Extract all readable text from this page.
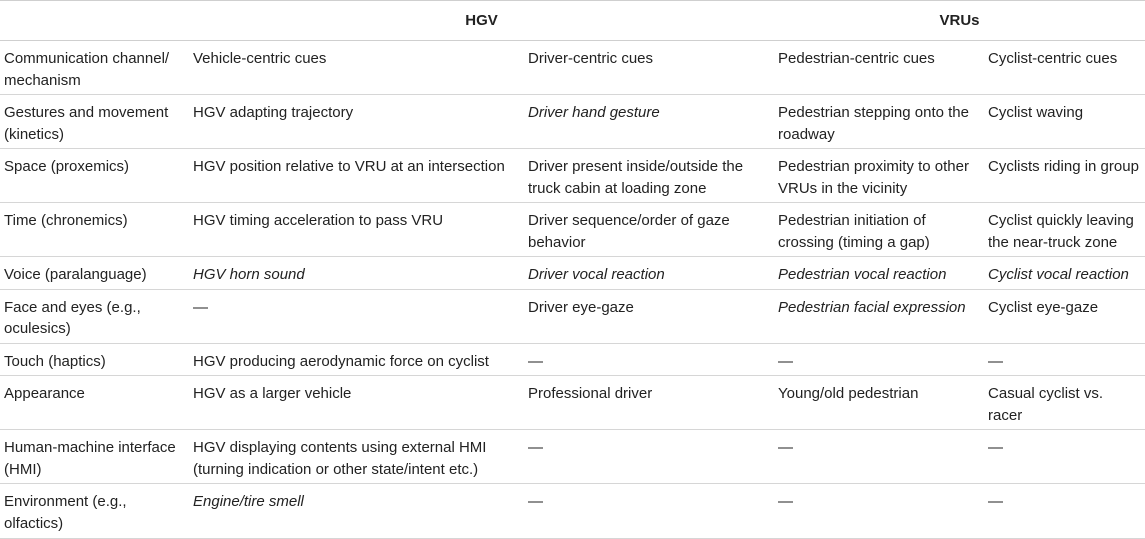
	HGV		VRUs	
Communication channel/ mechanism	Vehicle-centric cues	Driver-centric cues	Pedestrian-centric cues	Cyclist-centric cues
Gestures and movement (kinetics)	HGV adapting trajectory	Driver hand gesture	Pedestrian stepping onto the roadway	Cyclist waving
Space (proxemics)	HGV position relative to VRU at an intersection	Driver present inside/outside the truck cabin at loading zone	Pedestrian proximity to other VRUs in the vicinity	Cyclists riding in group
Time (chronemics)	HGV timing acceleration to pass VRU	Driver sequence/order of gaze behavior	Pedestrian initiation of crossing (timing a gap)	Cyclist quickly leaving the near-truck zone
Voice (paralanguage)	HGV horn sound	Driver vocal reaction	Pedestrian vocal reaction	Cyclist vocal reaction
Face and eyes (e.g., oculesics)	—	Driver eye-gaze	Pedestrian facial expression	Cyclist eye-gaze
Touch (haptics)	HGV producing aerodynamic force on cyclist	—	—	—
Appearance	HGV as a larger vehicle	Professional driver	Young/old pedestrian	Casual cyclist vs. racer
Human-machine interface (HMI)	HGV displaying contents using external HMI (turning indication or other state/intent etc.)	—	—	—
Environment (e.g., olfactics)	Engine/tire smell	—	—	—
